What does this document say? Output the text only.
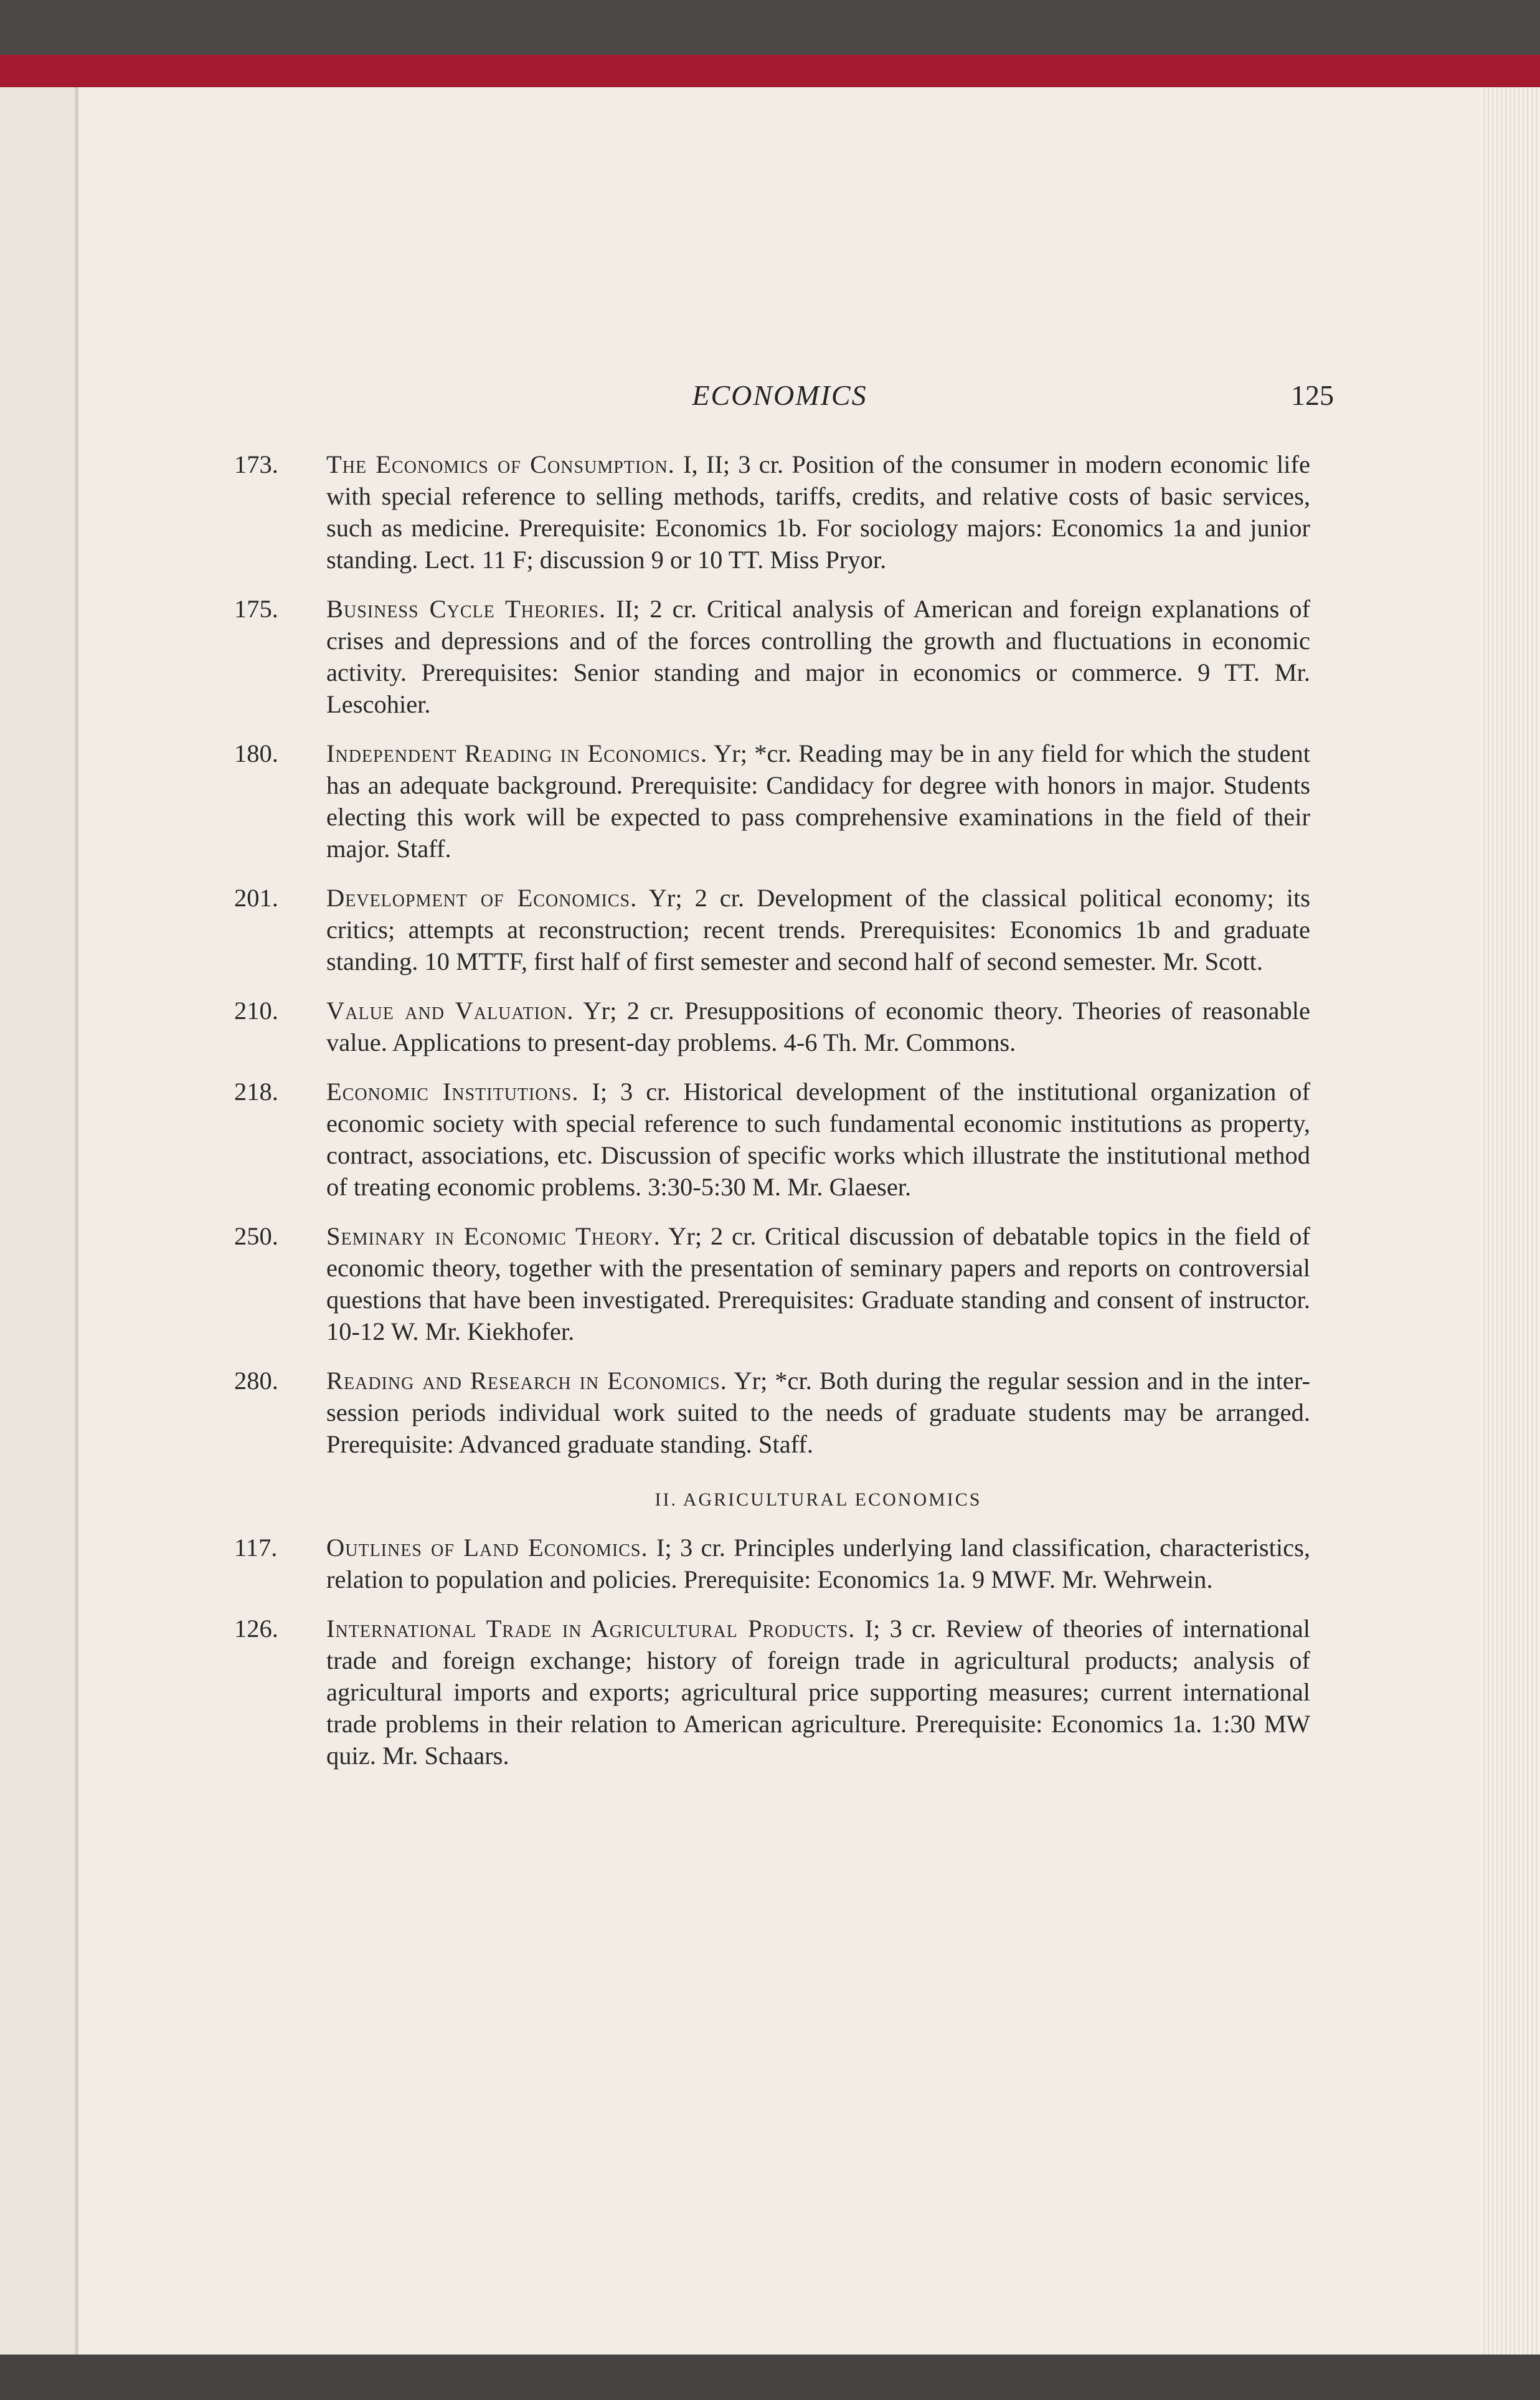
ECONOMICS	125
173. The Economics of Consumption. I, II; 3 cr. Position of the consumer in modern economic life with special reference to selling methods, tariffs, credits, and relative costs of basic services, such as medicine. Prerequisite: Economics 1b. For sociology majors: Economics 1a and junior standing. Lect. 11 F; discussion 9 or 10 TT. Miss Pryor.
175. Business Cycle Theories. II; 2 cr. Critical analysis of American and foreign explanations of crises and depressions and of the forces controlling the growth and fluctuations in economic activity. Prerequisites: Senior standing and major in economics or commerce. 9 TT. Mr. Lescohier.
180. Independent Reading in Economics. Yr; *cr. Reading may be in any field for which the student has an adequate background. Prerequisite: Candidacy for degree with honors in major. Students electing this work will be expected to pass comprehensive examinations in the field of their major. Staff.
201. Development of Economics. Yr; 2 cr. Development of the classical political economy; its critics; attempts at reconstruction; recent trends. Prerequisites: Economics 1b and graduate standing. 10 MTTF, first half of first semester and second half of second semester. Mr. Scott.
210. Value and Valuation. Yr; 2 cr. Presuppositions of economic theory. Theories of reasonable value. Applications to present-day problems. 4-6 Th. Mr. Commons.
218. Economic Institutions. I; 3 cr. Historical development of the institutional organization of economic society with special reference to such fundamental economic institutions as property, contract, associations, etc. Discussion of specific works which illustrate the institutional method of treating economic problems. 3:30-5:30 M. Mr. Glaeser.
250. Seminary in Economic Theory. Yr; 2 cr. Critical discussion of debatable topics in the field of economic theory, together with the presentation of seminary papers and reports on controversial questions that have been investigated. Prerequisites: Graduate standing and consent of instructor. 10-12 W. Mr. Kiekhofer.
280. Reading and Research in Economics. Yr; *cr. Both during the regular session and in the inter-session periods individual work suited to the needs of graduate students may be arranged. Prerequisite: Advanced graduate standing. Staff.
II. AGRICULTURAL ECONOMICS
117. Outlines of Land Economics. I; 3 cr. Principles underlying land classification, characteristics, relation to population and policies. Prerequisite: Economics 1a. 9 MWF. Mr. Wehrwein.
126. International Trade in Agricultural Products. I; 3 cr. Review of theories of international trade and foreign exchange; history of foreign trade in agricultural products; analysis of agricultural imports and exports; agricultural price supporting measures; current international trade problems in their relation to American agriculture. Prerequisite: Economics 1a. 1:30 MW quiz. Mr. Schaars.
